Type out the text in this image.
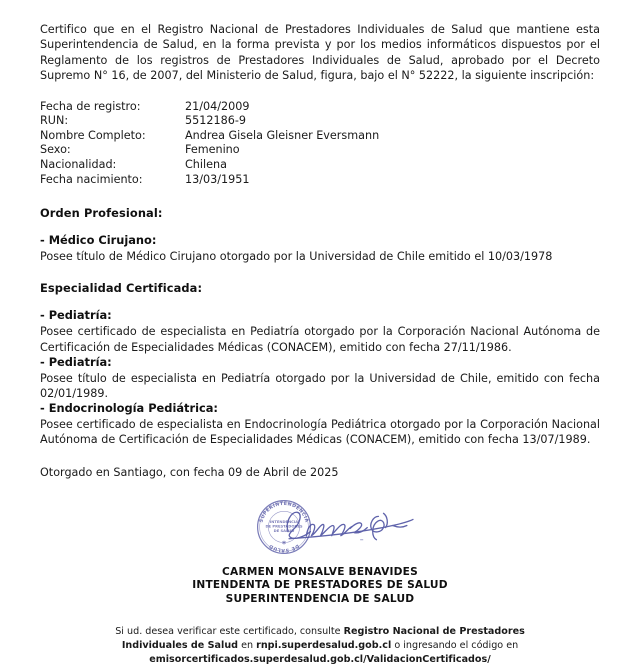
Certifico que en el Registro Nacional de Prestadores Individuales de Salud que mantiene esta Superintendencia de Salud, en la forma prevista y por los medios informáticos dispuestos por el Reglamento de los registros de Prestadores Individuales de Salud, aprobado por el Decreto Supremo N° 16, de 2007, del Ministerio de Salud, figura, bajo el N° 52222, la siguiente inscripción:

Fecha de registro:	21/04/2009
RUN:	5512186-9
Nombre Completo:	Andrea Gisela Gleisner Eversmann
Sexo:	Femenino
Nacionalidad:	Chilena
Fecha nacimiento:	13/03/1951

Orden Profesional:

- Médico Cirujano:

Posee título de Médico Cirujano otorgado por la Universidad de Chile emitido el 10/03/1978

Especialidad Certificada:

- Pediatría:

Posee certificado de especialista en Pediatría otorgado por la Corporación Nacional Autónoma de Certificación de Especialidades Médicas (CONACEM), emitido con fecha 27/11/1986.

- Pediatría:

Posee título de especialista en Pediatría otorgado por la Universidad de Chile, emitido con fecha 02/01/1989.

- Endocrinología Pediátrica:

Posee certificado de especialista en Endocrinología Pediátrica otorgado por la Corporación Nacional Autónoma de Certificación de Especialidades Médicas (CONACEM), emitido con fecha 13/07/1989.

Otorgado en Santiago, con fecha 09 de Abril de 2025

SUPERINTENDENCIA
DE SALUD
INTENDENCIA
DE PRESTADORES
DE SALUD
✱
CARMEN MONSALVE BENAVIDES
INTENDENTA DE PRESTADORES DE SALUD
SUPERINTENDENCIA DE SALUD
Si ud. desea verificar este certificado, consulte Registro Nacional de Prestadores
Individuales de Salud en rnpi.superdesalud.gob.cl o ingresando el código en
emisorcertificados.superdesalud.gob.cl/ValidacionCertificados/
